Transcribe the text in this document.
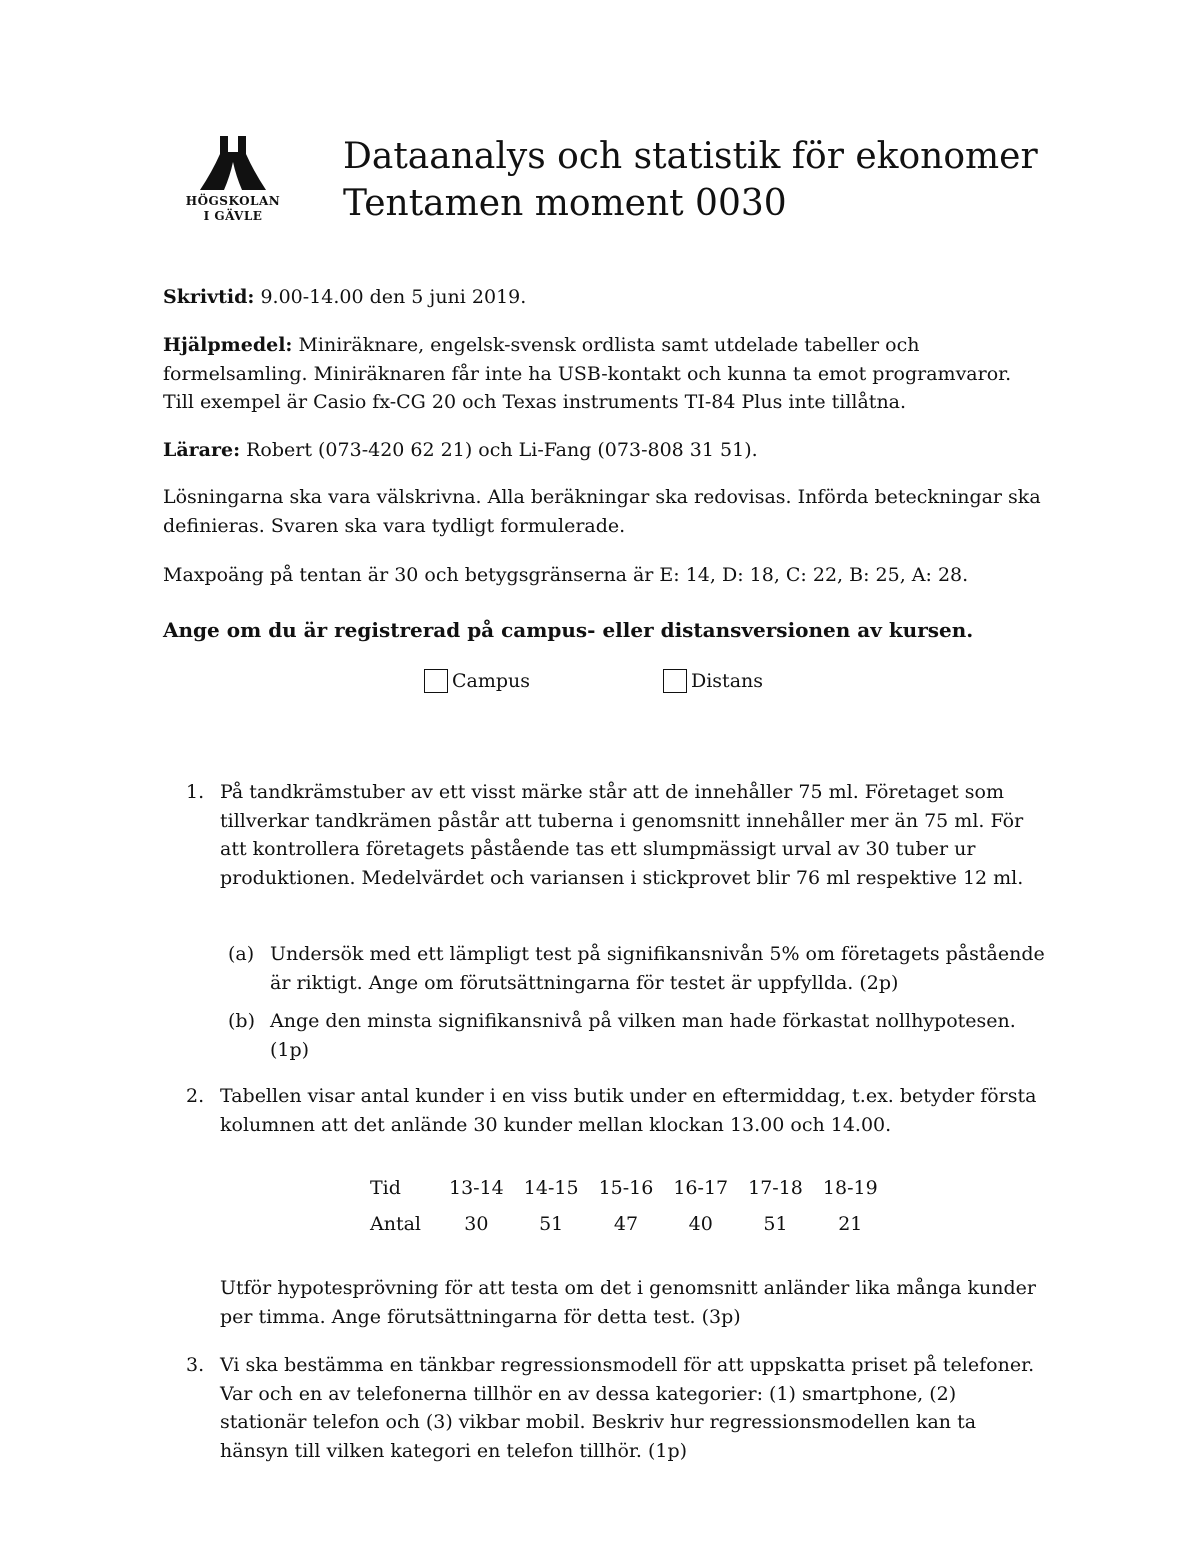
HÖGSKOLAN
I GÄVLE
Dataanalys och statistik för ekonomer
Tentamen moment 0030
Skrivtid: 9.00-14.00 den 5 juni 2019.
Hjälpmedel: Miniräknare, engelsk-svensk ordlista samt utdelade tabeller och formelsamling. Miniräknaren får inte ha USB-kontakt och kunna ta emot programvaror. Till exempel är Casio fx-CG 20 och Texas instruments TI-84 Plus inte tillåtna.
Lärare: Robert (073-420 62 21) och Li-Fang (073-808 31 51).
Lösningarna ska vara välskrivna. Alla beräkningar ska redovisas. Införda beteckningar ska definieras. Svaren ska vara tydligt formulerade.
Maxpoäng på tentan är 30 och betygsgränserna är E: 14, D: 18, C: 22, B: 25, A: 28.
Ange om du är registrerad på campus- eller distansversionen av kursen.
Campus	Distans
1. På tandkrämstuber av ett visst märke står att de innehåller 75 ml. Företaget som tillverkar tandkrämen påstår att tuberna i genomsnitt innehåller mer än 75 ml. För att kontrollera företagets påstående tas ett slumpmässigt urval av 30 tuber ur produktionen. Medelvärdet och variansen i stickprovet blir 76 ml respektive 12 ml.
(a) Undersök med ett lämpligt test på signifikansnivån 5% om företagets påstående är riktigt. Ange om förutsättningarna för testet är uppfyllda. (2p)
(b) Ange den minsta signifikansnivå på vilken man hade förkastat nollhypotesen. (1p)
2. Tabellen visar antal kunder i en viss butik under en eftermiddag, t.ex. betyder första kolumnen att det anlände 30 kunder mellan klockan 13.00 och 14.00.
Tid	13-14	14-15	15-16	16-17	17-18	18-19
Antal	30	51	47	40	51	21
Utför hypotesprövning för att testa om det i genomsnitt anländer lika många kunder per timma. Ange förutsättningarna för detta test. (3p)
3. Vi ska bestämma en tänkbar regressionsmodell för att uppskatta priset på telefoner. Var och en av telefonerna tillhör en av dessa kategorier: (1) smartphone, (2) stationär telefon och (3) vikbar mobil. Beskriv hur regressionsmodellen kan ta hänsyn till vilken kategori en telefon tillhör. (1p)
